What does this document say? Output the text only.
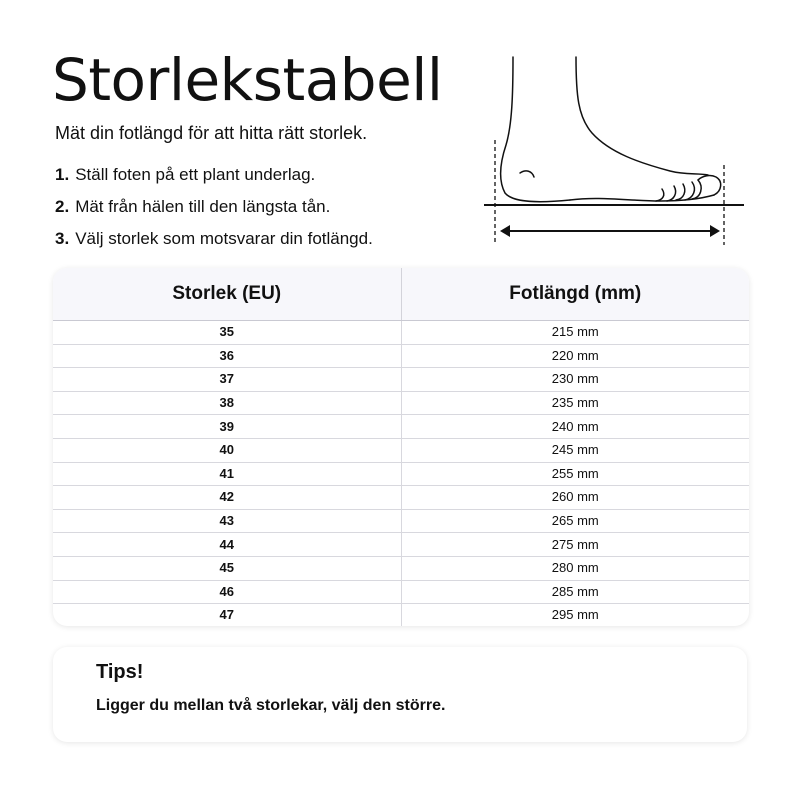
Storlekstabell

Mät din fotlängd för att hitta rätt storlek.

1. Ställ foten på ett plant underlag.
2. Mät från hälen till den längsta tån.
3. Välj storlek som motsvarar din fotlängd.
Storlek (EU)	Fotlängd (mm)
35	215 mm
36	220 mm
37	230 mm
38	235 mm
39	240 mm
40	245 mm
41	255 mm
42	260 mm
43	265 mm
44	275 mm
45	280 mm
46	285 mm
47	295 mm

Tips!

Ligger du mellan två storlekar, välj den större.
